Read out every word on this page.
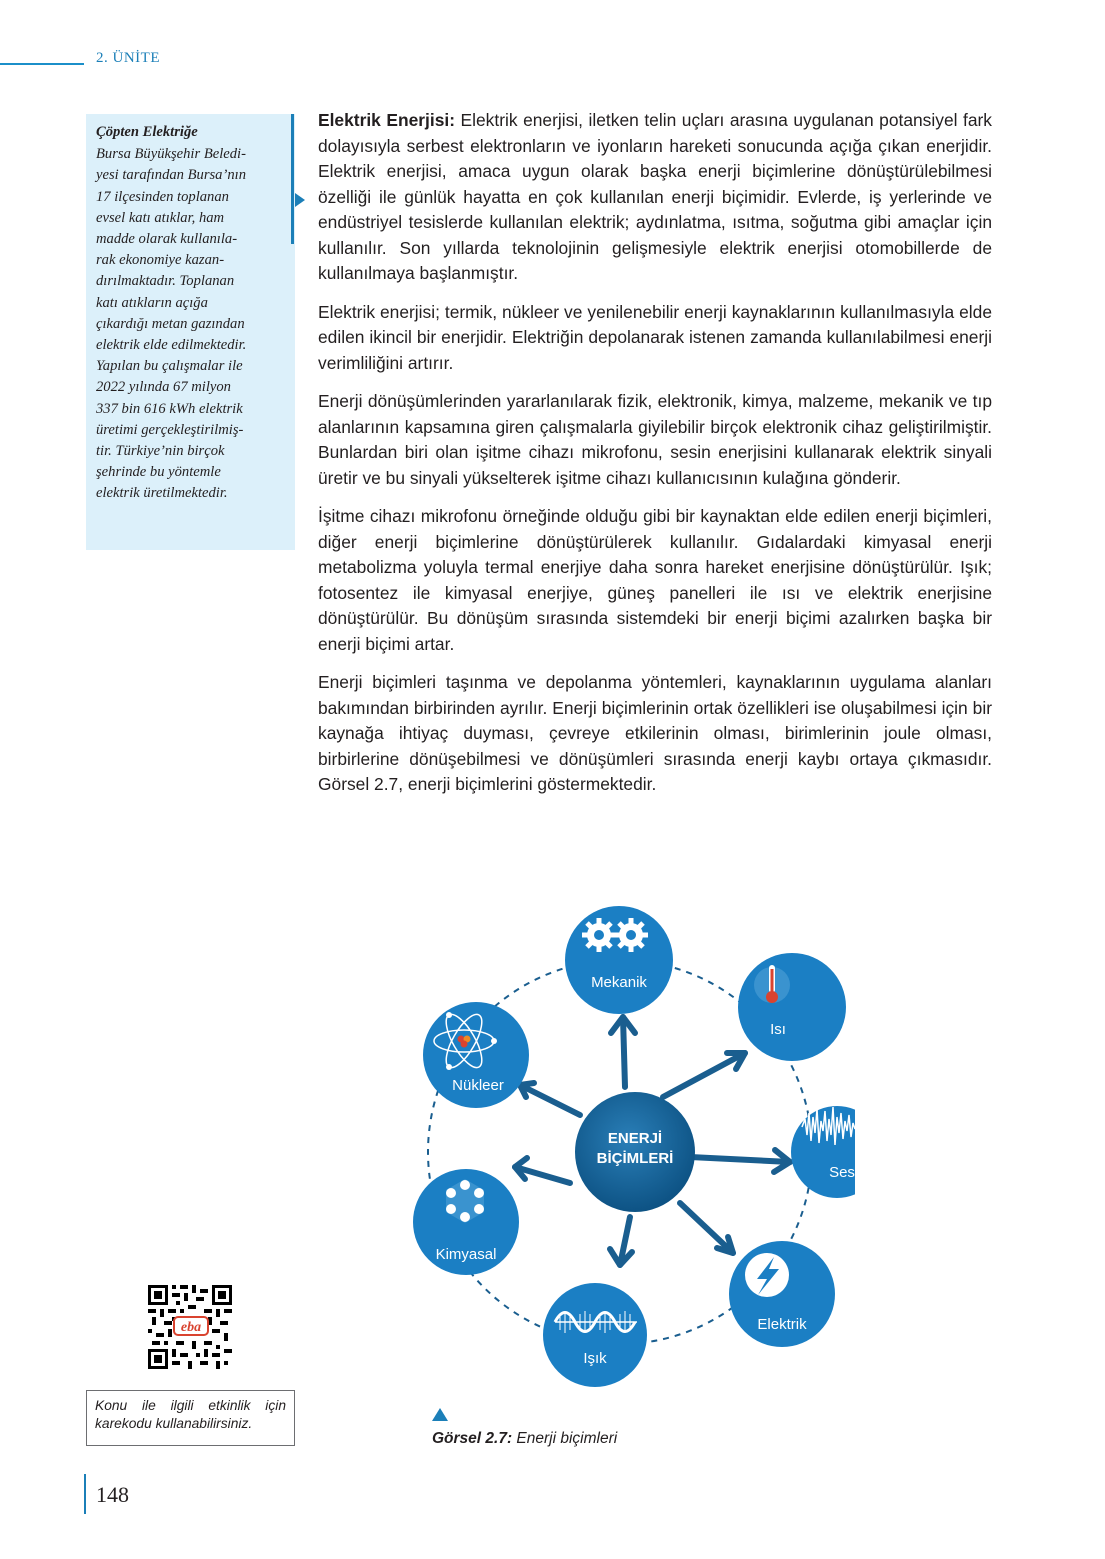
2. ÜNİTE
Çöpten Elektriğe
Bursa Büyükşehir Beledi-
yesi tarafından Bursa’nın
17 ilçesinden toplanan
evsel katı atıklar, ham
madde olarak kullanıla-
rak ekonomiye kazan-
dırılmaktadır. Toplanan
katı atıkların açığa
çıkardığı metan gazından
elektrik elde edilmektedir.
Yapılan bu çalışmalar ile
2022 yılında 67 milyon
337 bin 616 kWh elektrik
üretimi gerçekleştirilmiş-
tir. Türkiye’nin birçok
şehrinde bu yöntemle
elektrik üretilmektedir.

Elektrik Enerjisi: Elektrik enerjisi, iletken telin uçları arasına uygulanan potansiyel fark dolayısıyla serbest elektronların ve iyonların hareketi sonucunda açığa çıkan enerjidir. Elektrik enerjisi, amaca uygun olarak başka enerji biçimlerine dönüştürülebilmesi özelliği ile günlük hayatta en çok kullanılan enerji biçimidir. Evlerde, iş yerlerinde ve endüstriyel tesislerde kullanılan elektrik; aydınlatma, ısıtma, soğutma gibi amaçlar için kullanılır. Son yıllarda teknolojinin gelişmesiyle elektrik enerjisi otomobillerde de kullanılmaya başlanmıştır.

Elektrik enerjisi; termik, nükleer ve yenilenebilir enerji kaynaklarının kullanılmasıyla elde edilen ikincil bir enerjidir. Elektriğin depolanarak istenen zamanda kullanılabilmesi enerji verimliliğini artırır.

Enerji dönüşümlerinden yararlanılarak fizik, elektronik, kimya, malzeme, mekanik ve tıp alanlarının kapsamına giren çalışmalarla giyilebilir birçok elektronik cihaz geliştirilmiştir. Bunlardan biri olan işitme cihazı mikrofonu, sesin enerjisini kullanarak elektrik sinyali üretir ve bu sinyali yükselterek işitme cihazı kullanıcısının kulağına gönderir.

İşitme cihazı mikrofonu örneğinde olduğu gibi bir kaynaktan elde edilen enerji biçimleri, diğer enerji biçimlerine dönüştürülerek kullanılır. Gıdalardaki kimyasal enerji metabolizma yoluyla termal enerjiye daha sonra hareket enerjisine dönüştürülür. Işık; fotosentez ile kimyasal enerjiye, güneş panelleri ile ısı ve elektrik enerjisine dönüştürülür. Bu dönüşüm sırasında sistemdeki bir enerji biçimi azalırken başka bir enerji biçimi artar.

Enerji biçimleri taşınma ve depolanma yöntemleri, kaynaklarının uygulama alanları bakımından birbirinden ayrılır. Enerji biçimlerinin ortak özellikleri ise oluşabilmesi için bir kaynağa ihtiyaç duyması, çevreye etkilerinin olması, birimlerinin joule olması, birbirlerine dönüşebilmesi ve dönüşümleri sırasında enerji kaybı ortaya çıkmasıdır. Görsel 2.7, enerji biçimlerini göstermektedir.

ENERJİ
BİÇİMLERİ
Mekanik
Isı
Ses
Elektrik
Işık
Kimyasal
Nükleer
Görsel 2.7: Enerji biçimleri
eba
Konu ile ilgili etkinlik için karekodu kullanabilirsiniz.
148
